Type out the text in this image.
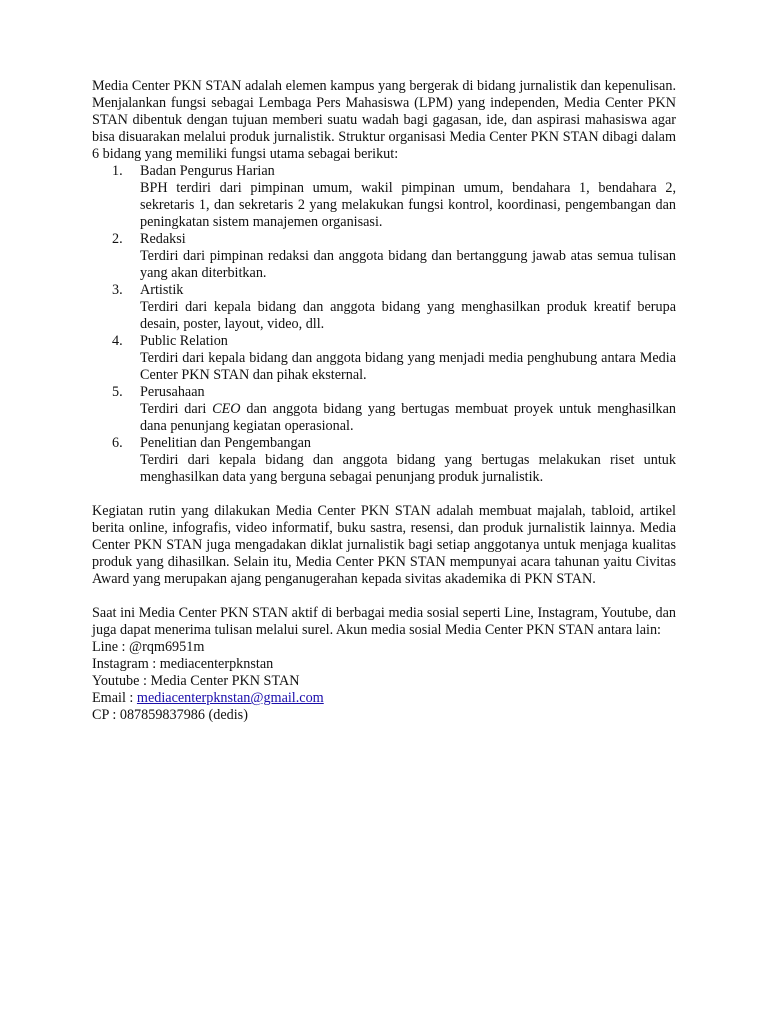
Media Center PKN STAN adalah elemen kampus yang bergerak di bidang jurnalistik dan kepenulisan. Menjalankan fungsi sebagai Lembaga Pers Mahasiswa (LPM) yang independen, Media Center PKN STAN dibentuk dengan tujuan memberi suatu wadah bagi gagasan, ide, dan aspirasi mahasiswa agar bisa disuarakan melalui produk jurnalistik. Struktur organisasi Media Center PKN STAN dibagi dalam 6 bidang yang memiliki fungsi utama sebagai berikut:

1. Badan Pengurus Harian
BPH terdiri dari pimpinan umum, wakil pimpinan umum, bendahara 1, bendahara 2, sekretaris 1, dan sekretaris 2 yang melakukan fungsi kontrol, koordinasi, pengembangan dan peningkatan sistem manajemen organisasi.
2. Redaksi
Terdiri dari pimpinan redaksi dan anggota bidang dan bertanggung jawab atas semua tulisan yang akan diterbitkan.
3. Artistik
Terdiri dari kepala bidang dan anggota bidang yang menghasilkan produk kreatif berupa desain, poster, layout, video, dll.
4. Public Relation
Terdiri dari kepala bidang dan anggota bidang yang menjadi media penghubung antara Media Center PKN STAN dan pihak eksternal.
5. Perusahaan
Terdiri dari CEO dan anggota bidang yang bertugas membuat proyek untuk menghasilkan dana penunjang kegiatan operasional.
6. Penelitian dan Pengembangan
Terdiri dari kepala bidang dan anggota bidang yang bertugas melakukan riset untuk menghasilkan data yang berguna sebagai penunjang produk jurnalistik.

Kegiatan rutin yang dilakukan Media Center PKN STAN adalah membuat majalah, tabloid, artikel berita online, infografis, video informatif, buku sastra, resensi, dan produk jurnalistik lainnya. Media Center PKN STAN juga mengadakan diklat jurnalistik bagi setiap anggotanya untuk menjaga kualitas produk yang dihasilkan. Selain itu, Media Center PKN STAN mempunyai acara tahunan yaitu Civitas Award yang merupakan ajang penganugerahan kepada sivitas akademika di PKN STAN.

Saat ini Media Center PKN STAN aktif di berbagai media sosial seperti Line, Instagram, Youtube, dan juga dapat menerima tulisan melalui surel. Akun media sosial Media Center PKN STAN antara lain:

Line : @rqm6951m
Instagram : mediacenterpknstan
Youtube : Media Center PKN STAN
Email : mediacenterpknstan@gmail.com
CP : 087859837986 (dedis)
